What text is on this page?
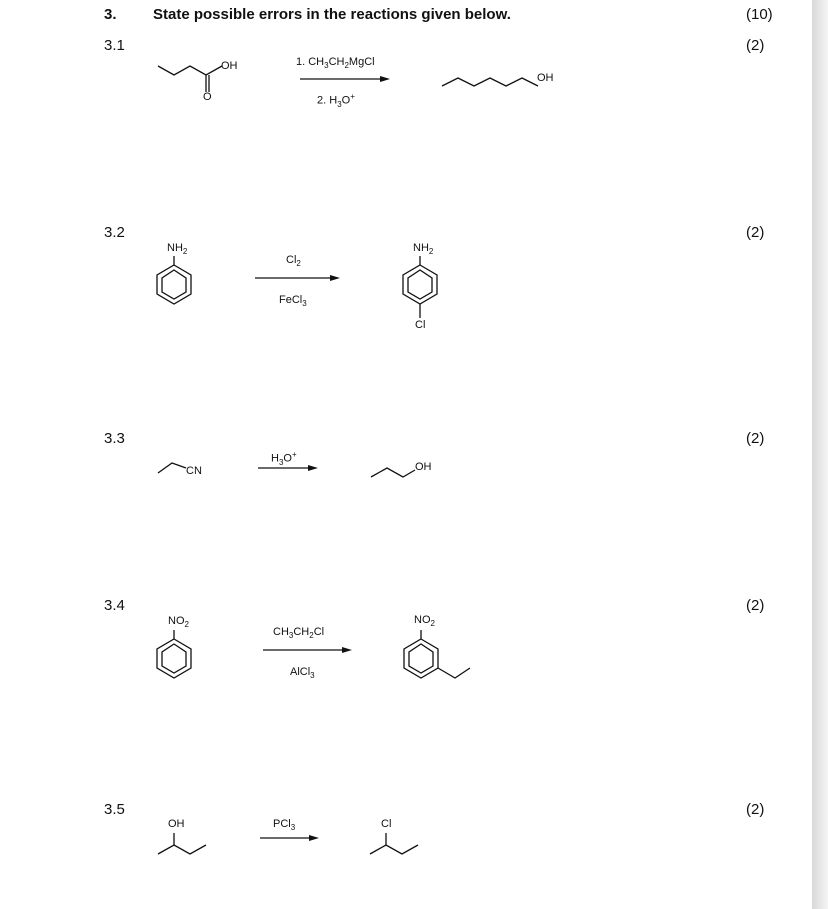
3. State possible errors in the reactions given below.	(10)
3.1	(2)
3.2	(2)
3.3	(2)
3.4	(2)
3.5	(2)
OH
O
1. $CH_3CH_2MgCl$
2. $H_3O^+$
OH
$NH_2$
$Cl_2$
FeCl$_3$
$NH_2$
Cl
CN
$H_3O^+$
OH
$NO_2$
$CH_3CH_2Cl$
AlCl$_3$
$NO_2$
OH	PCl$_3$	Cl
